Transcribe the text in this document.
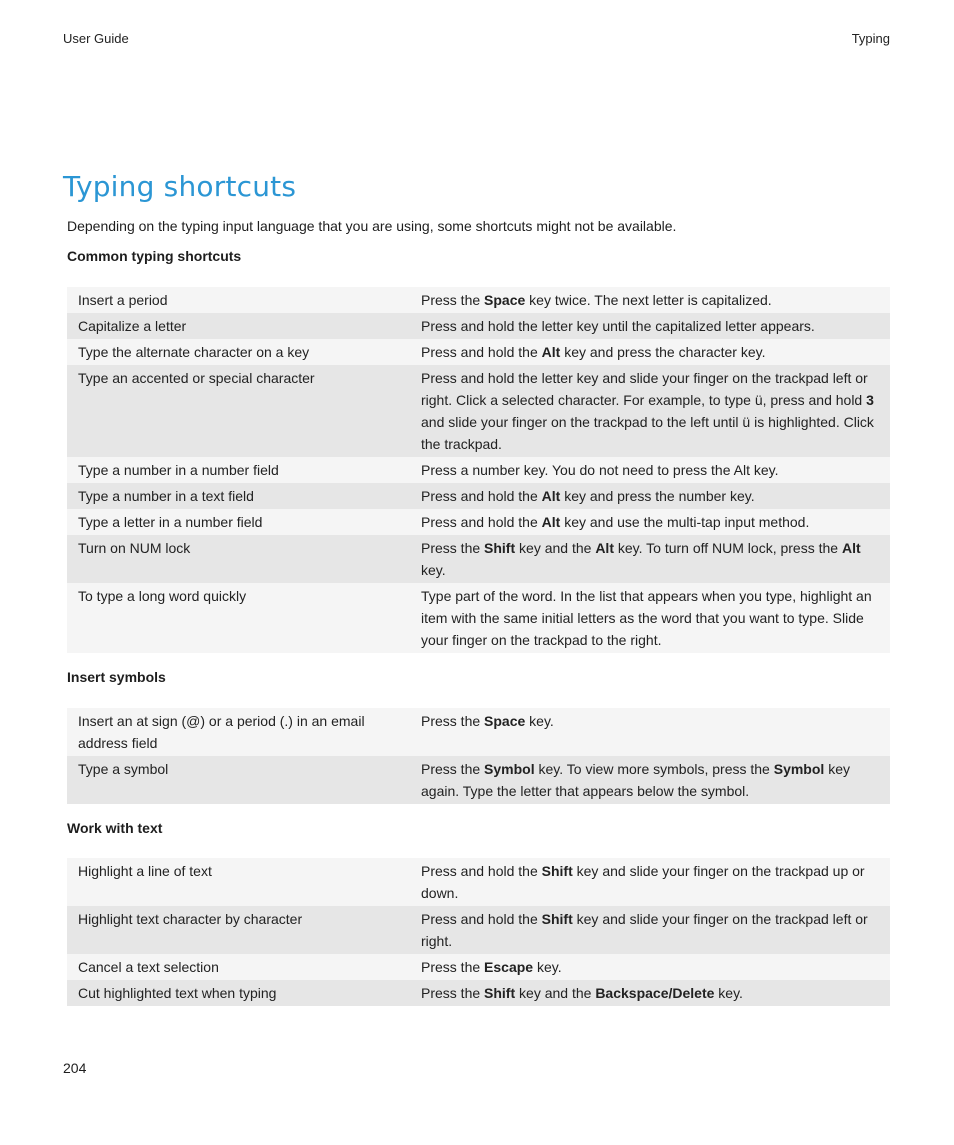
User Guide	Typing
Typing shortcuts

Depending on the typing input language that you are using, some shortcuts might not be available.

Common typing shortcuts
Insert a period	Press the Space key twice. The next letter is capitalized.
Capitalize a letter	Press and hold the letter key until the capitalized letter appears.
Type the alternate character on a key	Press and hold the Alt key and press the character key.
Type an accented or special character	Press and hold the letter key and slide your finger on the trackpad left or right. Click a selected character. For example, to type ü, press and hold 3 and slide your finger on the trackpad to the left until ü is highlighted. Click the trackpad.
Type a number in a number field	Press a number key. You do not need to press the Alt key.
Type a number in a text field	Press and hold the Alt key and press the number key.
Type a letter in a number field	Press and hold the Alt key and use the multi-tap input method.
Turn on NUM lock	Press the Shift key and the Alt key. To turn off NUM lock, press the Alt key.
To type a long word quickly	Type part of the word. In the list that appears when you type, highlight an item with the same initial letters as the word that you want to type. Slide your finger on the trackpad to the right.
Insert symbols
Insert an at sign (@) or a period (.) in an email address field	Press the Space key.
Type a symbol	Press the Symbol key. To view more symbols, press the Symbol key again. Type the letter that appears below the symbol.
Work with text
Highlight a line of text	Press and hold the Shift key and slide your finger on the trackpad up or down.
Highlight text character by character	Press and hold the Shift key and slide your finger on the trackpad left or right.
Cancel a text selection	Press the Escape key.
Cut highlighted text when typing	Press the Shift key and the Backspace/Delete key.
204
